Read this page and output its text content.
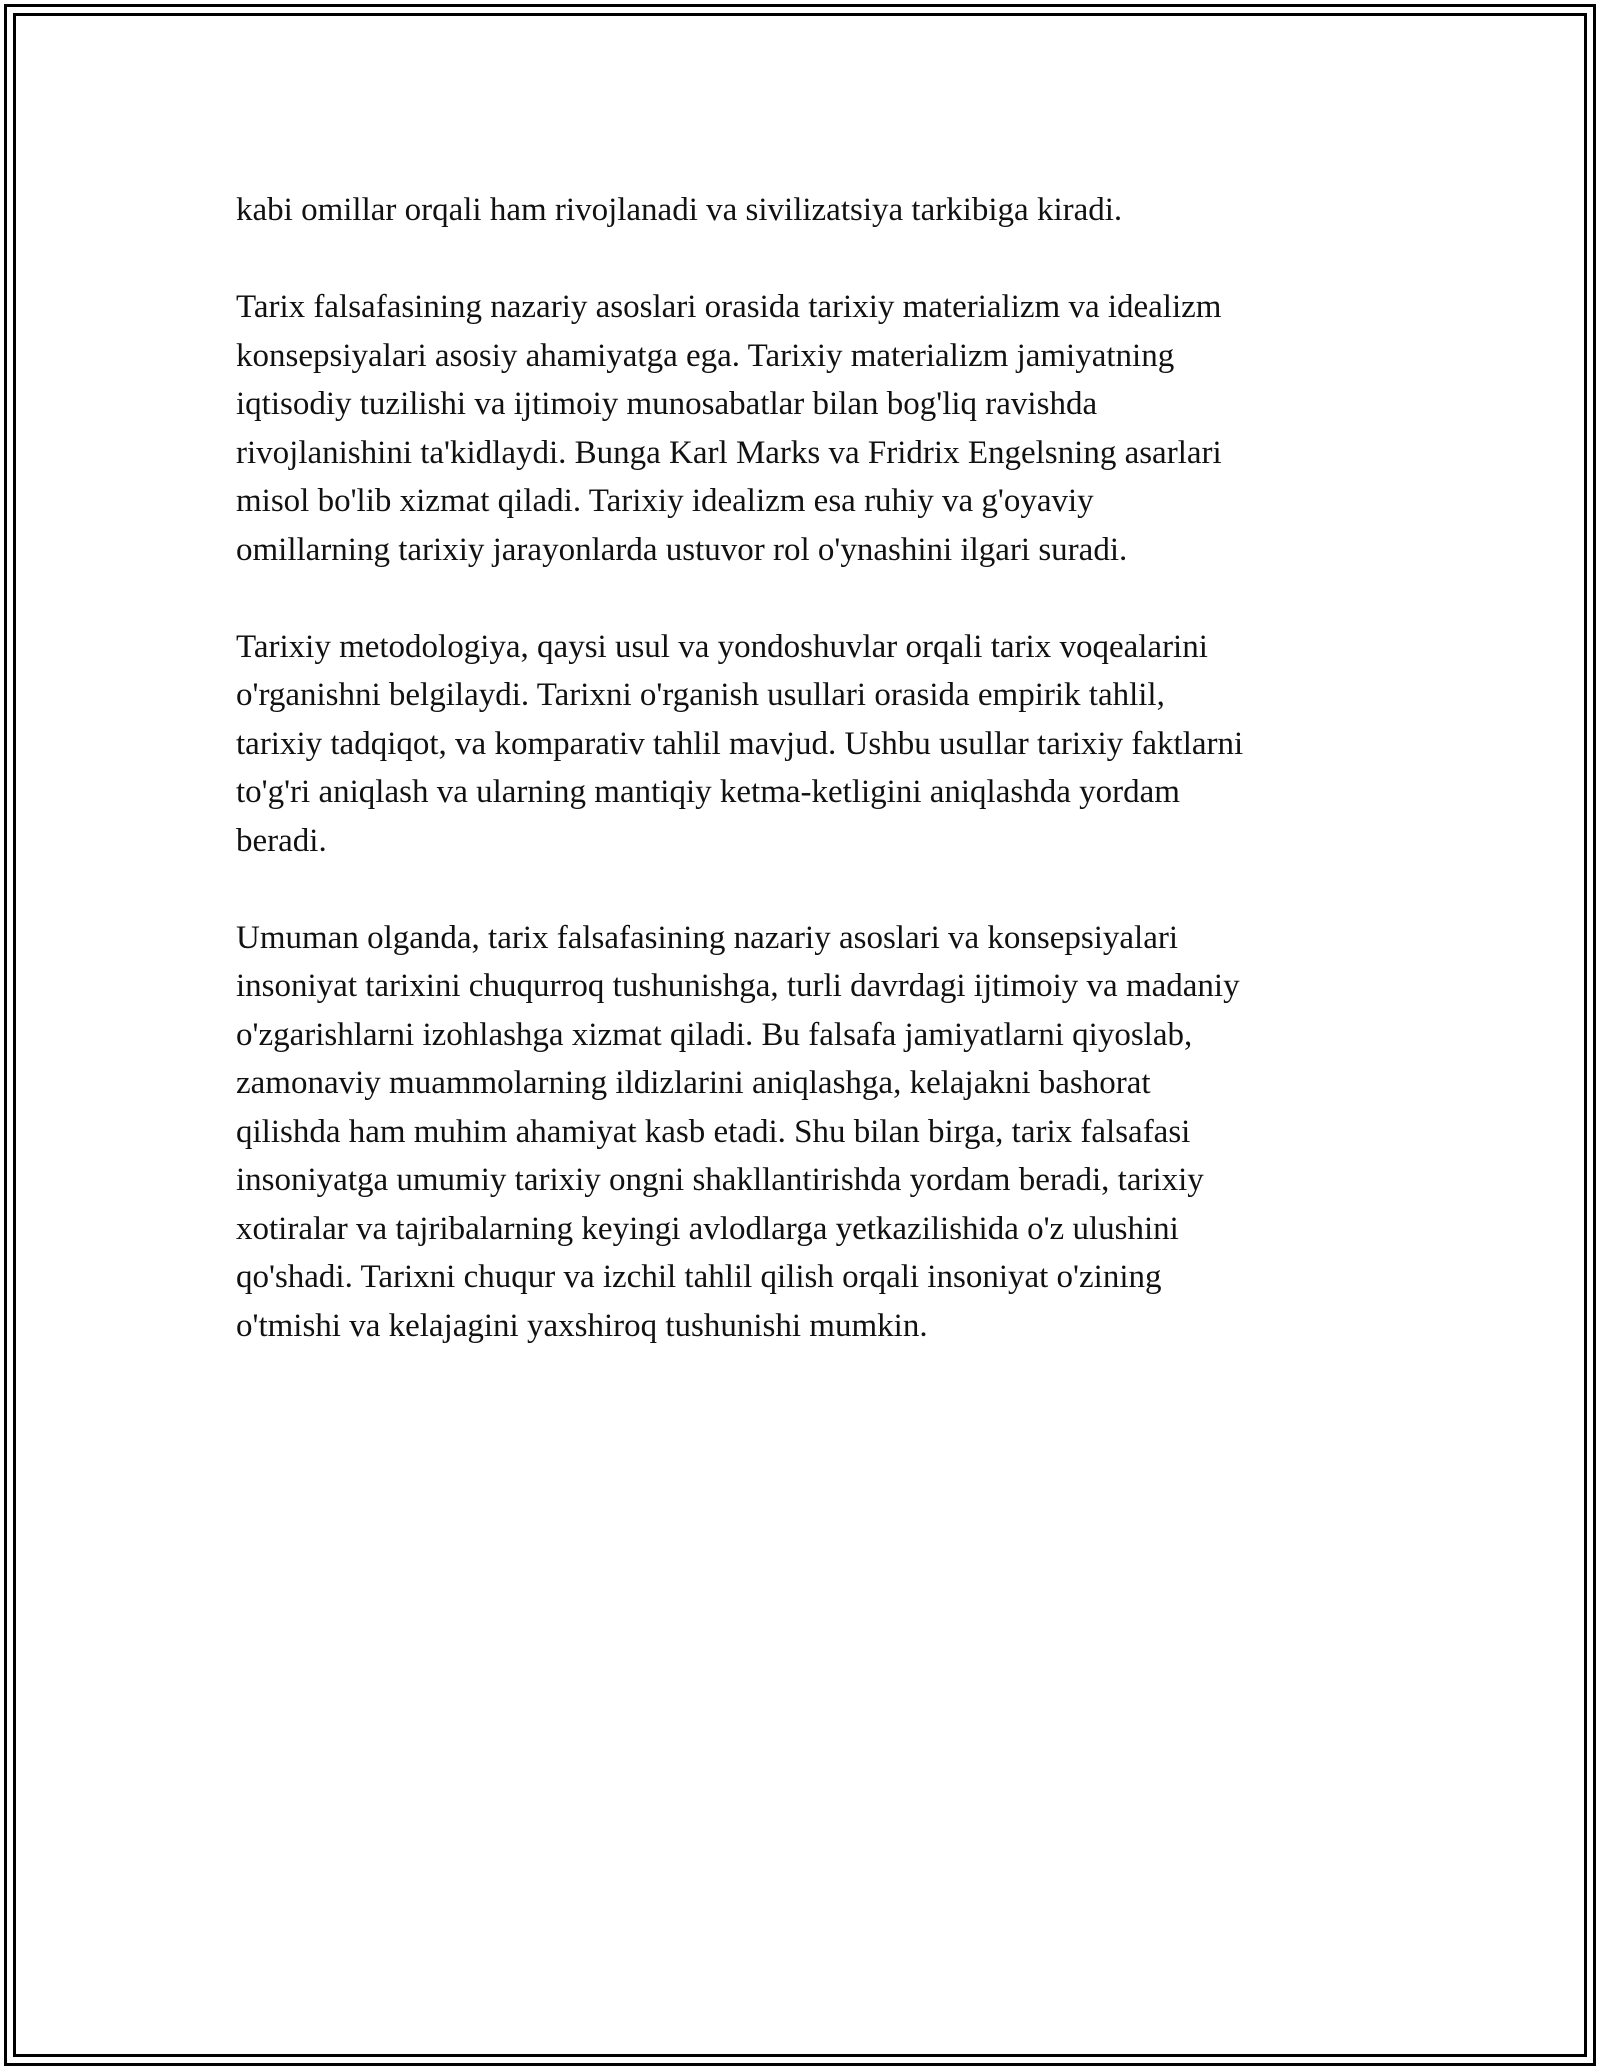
kabi omillar orqali ham rivojlanadi va sivilizatsiya tarkibiga kiradi.

Tarix falsafasining nazariy asoslari orasida tarixiy materializm va idealizm
konsepsiyalari asosiy ahamiyatga ega. Tarixiy materializm jamiyatning
iqtisodiy tuzilishi va ijtimoiy munosabatlar bilan bog'liq ravishda
rivojlanishini ta'kidlaydi. Bunga Karl Marks va Fridrix Engelsning asarlari
misol bo'lib xizmat qiladi. Tarixiy idealizm esa ruhiy va g'oyaviy
omillarning tarixiy jarayonlarda ustuvor rol o'ynashini ilgari suradi.

Tarixiy metodologiya, qaysi usul va yondoshuvlar orqali tarix voqealarini
o'rganishni belgilaydi. Tarixni o'rganish usullari orasida empirik tahlil,
tarixiy tadqiqot, va komparativ tahlil mavjud. Ushbu usullar tarixiy faktlarni
to'g'ri aniqlash va ularning mantiqiy ketma-ketligini aniqlashda yordam
beradi.

Umuman olganda, tarix falsafasining nazariy asoslari va konsepsiyalari
insoniyat tarixini chuqurroq tushunishga, turli davrdagi ijtimoiy va madaniy
o'zgarishlarni izohlashga xizmat qiladi. Bu falsafa jamiyatlarni qiyoslab,
zamonaviy muammolarning ildizlarini aniqlashga, kelajakni bashorat
qilishda ham muhim ahamiyat kasb etadi. Shu bilan birga, tarix falsafasi
insoniyatga umumiy tarixiy ongni shakllantirishda yordam beradi, tarixiy
xotiralar va tajribalarning keyingi avlodlarga yetkazilishida o'z ulushini
qo'shadi. Tarixni chuqur va izchil tahlil qilish orqali insoniyat o'zining
o'tmishi va kelajagini yaxshiroq tushunishi mumkin.
